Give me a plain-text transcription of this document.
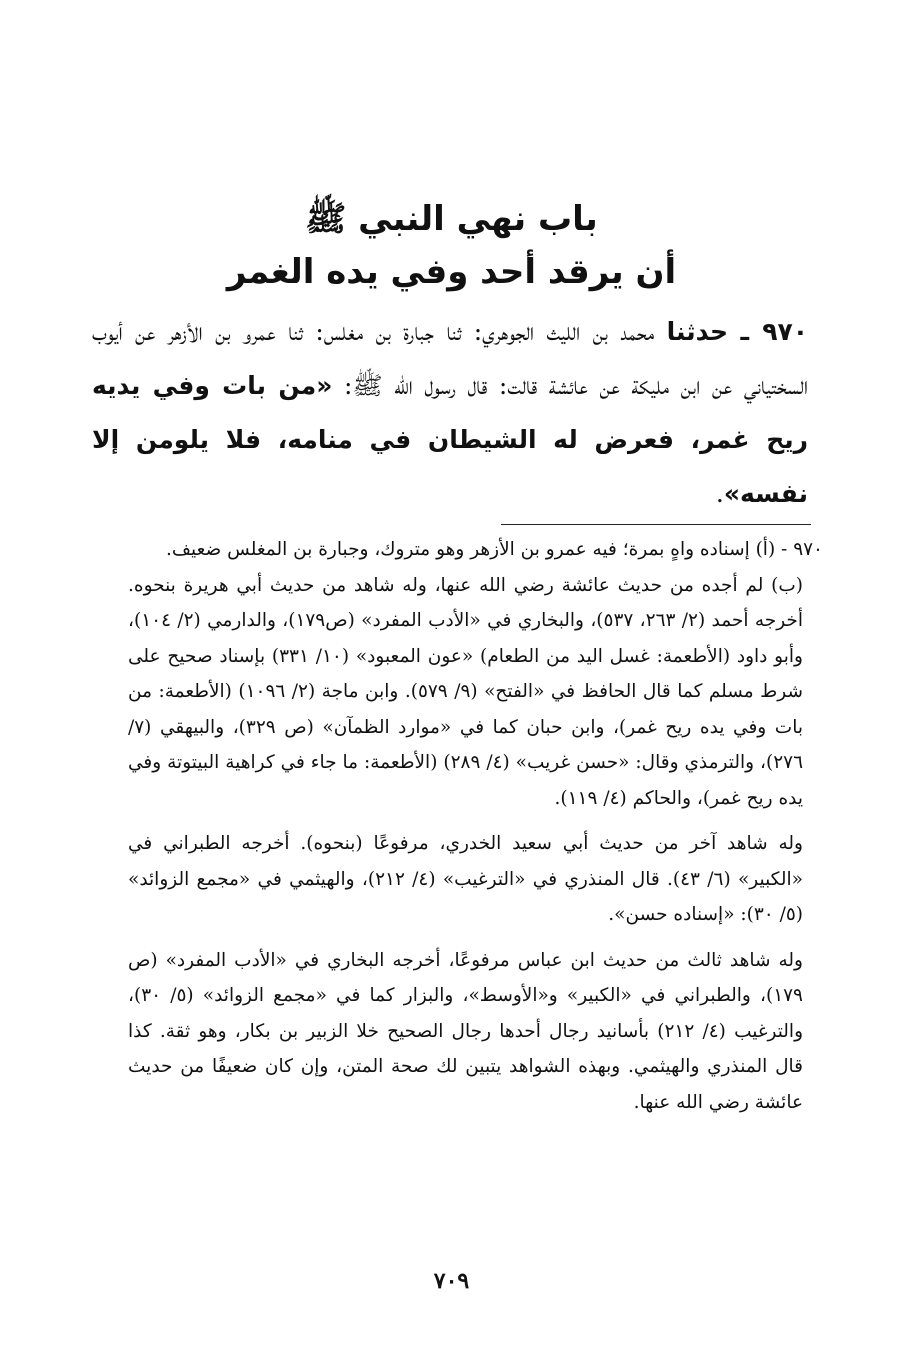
باب نهي النبي ﷺ
أن يرقد أحد وفي يده الغمر
٩٧٠ ـ حدثنا محمد بن الليث الجوهري: ثنا جبارة بن مغلس: ثنا عمرو بن الأزهر عن أيوب السختياني عن ابن مليكة عن عائشة قالت: قال رسول الله ﷺ: «من بات وفي يديه ريح غمر، فعرض له الشيطان في منامه، فلا يلومن إلا نفسه».

٩٧٠ - (أ) إسناده واهٍ بمرة؛ فيه عمرو بن الأزهر وهو متروك، وجبارة بن المغلس ضعيف.

(ب) لم أجده من حديث عائشة رضي الله عنها، وله شاهد من حديث أبي هريرة بنحوه. أخرجه أحمد (٢/ ٢٦٣، ٥٣٧)، والبخاري في «الأدب المفرد» (ص١٧٩)، والدارمي (٢/ ١٠٤)، وأبو داود (الأطعمة: غسل اليد من الطعام) «عون المعبود» (١٠/ ٣٣١) بإسناد صحيح على شرط مسلم كما قال الحافظ في «الفتح» (٩/ ٥٧٩). وابن ماجة (٢/ ١٠٩٦) (الأطعمة: من بات وفي يده ريح غمر)، وابن حبان كما في «موارد الظمآن» (ص ٣٢٩)، والبيهقي (٧/ ٢٧٦)، والترمذي وقال: «حسن غريب» (٤/ ٢٨٩) (الأطعمة: ما جاء في كراهية البيتوتة وفي يده ريح غمر)، والحاكم (٤/ ١١٩).

وله شاهد آخر من حديث أبي سعيد الخدري، مرفوعًا (بنحوه). أخرجه الطبراني في «الكبير» (٦/ ٤٣). قال المنذري في «الترغيب» (٤/ ٢١٢)، والهيثمي في «مجمع الزوائد» (٥/ ٣٠): «إسناده حسن».

وله شاهد ثالث من حديث ابن عباس مرفوعًا، أخرجه البخاري في «الأدب المفرد» (ص ١٧٩)، والطبراني في «الكبير» و«الأوسط»، والبزار كما في «مجمع الزوائد» (٥/ ٣٠)، والترغيب (٤/ ٢١٢) بأسانيد رجال أحدها رجال الصحيح خلا الزبير بن بكار، وهو ثقة. كذا قال المنذري والهيثمي. وبهذه الشواهد يتبين لك صحة المتن، وإن كان ضعيفًا من حديث عائشة رضي الله عنها.

٧٠٩
